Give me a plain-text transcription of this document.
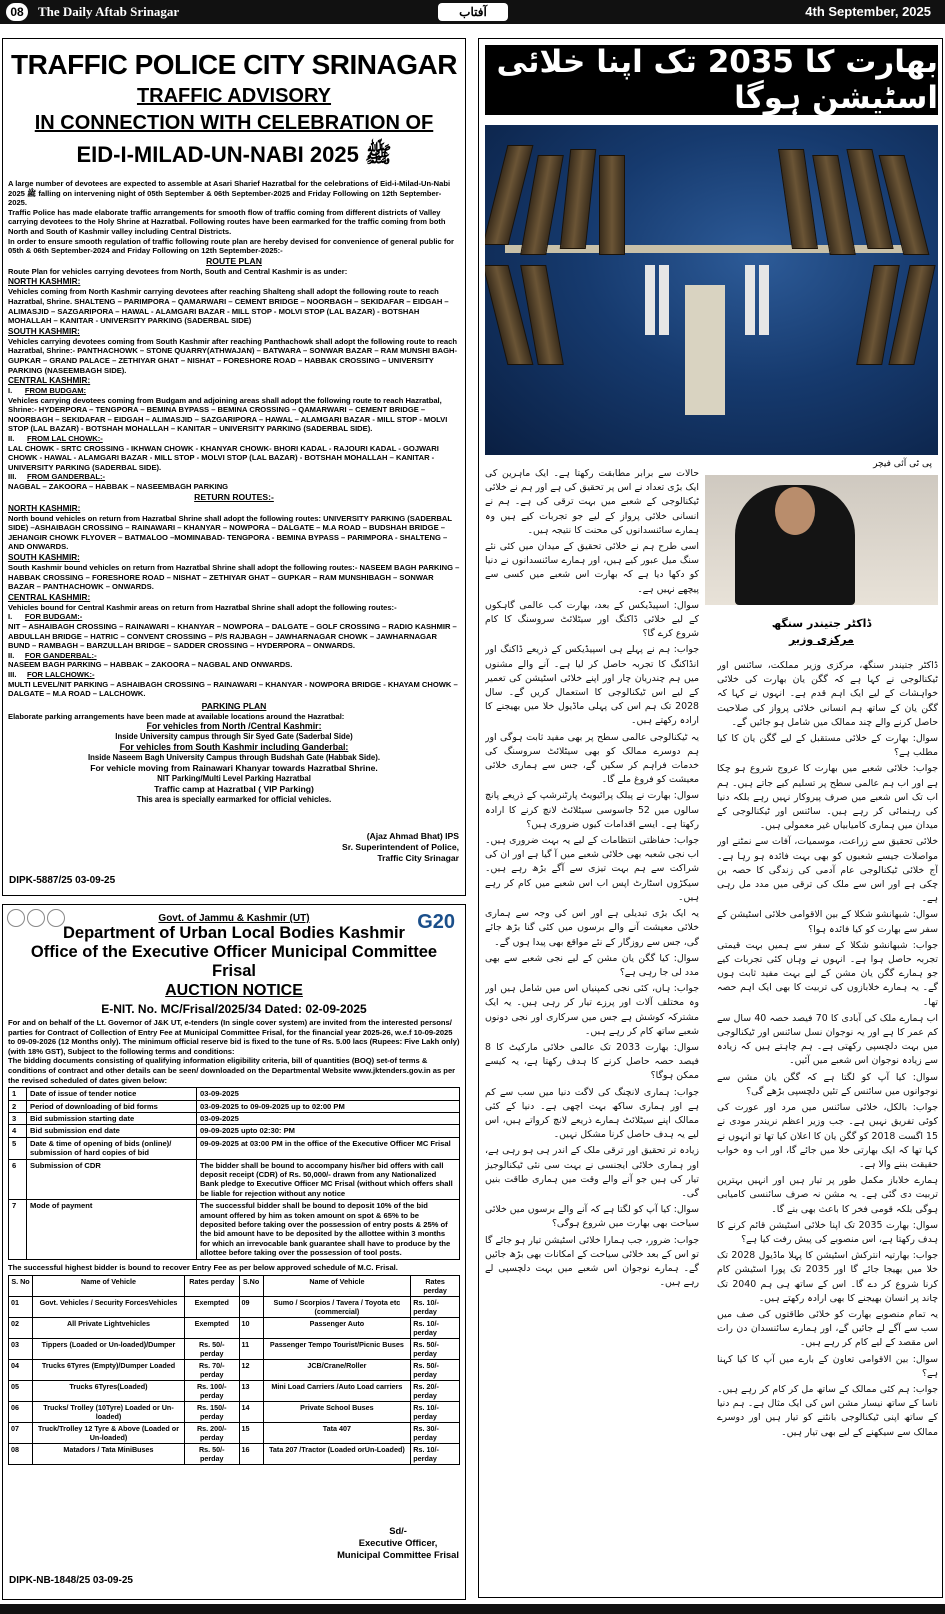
08	The Daily Aftab Srinagar	آفتاب	4th September, 2025
TRAFFIC POLICE CITY SRINAGAR
TRAFFIC ADVISORY
IN CONNECTION WITH CELEBRATION OF
EID-I-MILAD-UN-NABI ﷺ 2025
A large number of devotees are expected to assemble at Asari Sharief Hazratbal for the celebrations of Eid-i-Milad-Un-Nabi ﷺ 2025 falling on intervening night of 05th September & 06th September-2025 and Friday Following on 12th September-2025.
Traffic Police has made elaborate traffic arrangements for smooth flow of traffic coming from different districts of Valley carrying devotees to the Holy Shrine at Hazratbal. Following routes have been earmarked for the traffic coming from both North and South of Kashmir valley including Central Districts.
In order to ensure smooth regulation of traffic following route plan are hereby devised for convenience of general public for 05th & 06th September-2024 and Friday Following on 12th September-2025:-
ROUTE PLAN
Route Plan for vehicles carrying devotees from North, South and Central Kashmir is as under:
NORTH KASHMIR:
Vehicles coming from North Kashmir carrying devotees after reaching Shalteng shall adopt the following route to reach Hazratbal, Shrine. SHALTENG – PARIMPORA – QAMARWARI – CEMENT BRIDGE – NOORBAGH – SEKIDAFAR – EIDGAH – ALIMASJID – SAZGARIPORA – HAWAL - ALAMGARI BAZAR - MILL STOP - MOLVI STOP (LAL BAZAR) - BOTSHAH MOHALLAH – KANITAR - UNIVERSITY PARKING (SADERBAL SIDE)
SOUTH KASHMIR:
Vehicles carrying devotees coming from South Kashmir after reaching Panthachowk shall adopt the following route to reach Hazratbal, Shrine:- PANTHACHOWK – STONE QUARRY(ATHWAJAN) – BATWARA – SONWAR BAZAR – RAM MUNSHI BAGH- GUPKAR – GRAND PALACE – ZETHIYAR GHAT – NISHAT – FORESHORE ROAD – HABBAK CROSSING – UNIVERSITY PARKING (NASEEMBAGH SIDE).
CENTRAL KASHMIR:
I. FROM BUDGAM:
Vehicles carrying devotees coming from Budgam and adjoining areas shall adopt the following route to reach Hazratbal, Shrine:- HYDERPORA – TENGPORA – BEMINA BYPASS – BEMINA CROSSING – QAMARWARI – CEMENT BRIDGE – NOORBAGH – SEKIDAFAR – EIDGAH – ALIMASJID – SAZGARIPORA – HAWAL – ALAMGARI BAZAR - MILL STOP - MOLVI STOP (LAL BAZAR) - BOTSHAH MOHALLAH – KANITAR – UNIVERSITY PARKING (SADERBAL SIDE).
II. FROM LAL CHOWK:-
LAL CHOWK - SRTC CROSSING - IKHWAN CHOWK - KHANYAR CHOWK- BHORI KADAL - RAJOURI KADAL - GOJWARI CHOWK - HAWAL - ALAMGARI BAZAR - MILL STOP - MOLVI STOP (LAL BAZAR) - BOTSHAH MOHALLAH – KANITAR - UNIVERSITY PARKING (SADERBAL SIDE).
III. FROM GANDERBAL:-
NAGBAL – ZAKOORA – HABBAK – NASEEMBAGH PARKING
RETURN ROUTES:-
NORTH KASHMIR:
North bound vehicles on return from Hazratbal Shrine shall adopt the following routes: UNIVERSITY PARKING (SADERBAL SIDE) –ASHAIBAGH CROSSING – RAINAWARI – KHANYAR – NOWPORA – DALGATE – M.A ROAD – BUDSHAH BRIDGE – JEHANGIR CHOWK FLYOVER – BATMALOO –MOMINABAD- TENGPORA - BEMINA BYPASS – PARIMPORA - SHALTENG – AND ONWARDS.
SOUTH KASHMIR:
South Kashmir bound vehicles on return from Hazratbal Shrine shall adopt the following routes:- NASEEM BAGH PARKING – HABBAK CROSSING – FORESHORE ROAD – NISHAT – ZETHIYAR GHAT – GUPKAR – RAM MUNSHIBAGH – SONWAR BAZAR – PANTHACHOWK – ONWARDS.
CENTRAL KASHMIR:
Vehicles bound for Central Kashmir areas on return from Hazratbal Shrine shall adopt the following routes:-
I. FOR BUDGAM:-
NIT – ASHAIBAGH CROSSING – RAINAWARI – KHANYAR – NOWPORA – DALGATE – GOLF CROSSING – RADIO KASHMIR – ABDULLAH BRIDGE – HATRIC – CONVENT CROSSING – P/S RAJBAGH – JAWHARNAGAR CHOWK – JAWHARNAGAR BUND – RAMBAGH – BARZULLAH BRIDGE – SADDER CROSSING – HYDERPORA – ONWARDS.
II. FOR GANDERBAL:-
NASEEM BAGH PARKING – HABBAK – ZAKOORA – NAGBAL AND ONWARDS.
III. FOR LALCHOWK:-
MULTI LEVEL/NIT PARKING – ASHAIBAGH CROSSING – RAINAWARI – KHANYAR - NOWPORA BRIDGE - KHAYAM CHOWK – DALGATE – M.A ROAD – LALCHOWK.
PARKING PLAN
Elaborate parking arrangements have been made at available locations around the Hazratbal:
For vehicles from North /Central Kashmir:
Inside University campus through Sir Syed Gate (Saderbal Side)
For vehicles from South Kashmir including Ganderbal:
Inside Naseem Bagh University Campus through Budshah Gate (Habbak Side).
For vehicle moving from Rainawari Khanyar towards Hazratbal Shrine.
NIT Parking/Multi Level Parking Hazratbal
Traffic camp at Hazratbal ( VIP Parking)
This area is specially earmarked for official vehicles.
(Ajaz Ahmad Bhat) IPS
Sr. Superintendent of Police,
Traffic City Srinagar
DIPK-5887/25 03-09-25
G20
Govt. of Jammu & Kashmir (UT)
Department of Urban Local Bodies Kashmir
Office of the Executive Officer Municipal Committee Frisal
AUCTION NOTICE
E-NIT. No. MC/Frisal/2025/34 Dated: 02-09-2025
For and on behalf of the Lt. Governor of J&K UT, e-tenders (In single cover system) are invited from the interested persons/ parties for Contract of Collection of Entry Fee at Municipal Committee Frisal, for the financial year 2025-26, w.e.f 10-09-2025 to 09-09-2026 (12 Months only). The minimum official reserve bid is fixed to the tune of Rs. 5.00 lacs (Rupees: Five Lakh only) (with 18% GST), Subject to the following terms and conditions:
The bidding documents consisting of qualifying information eligibility criteria, bill of quantities (BOQ) set-of terms & conditions of contract and other details can be seen/ downloaded on the Departmental Website www.jktenders.gov.in as per the revised scheduled of dates given below:
1	Date of issue of tender notice	03-09-2025
2	Period of downloading of bid forms	03-09-2025 to 09-09-2025 up to 02:00 PM
3	Bid submission starting date	03-09-2025
4	Bid submission end date	09-09-2025 upto 02:30: PM
5	Date & time of opening of bids (online)/ submission of hard copies of bid	09-09-2025 at 03:00 PM in the office of the Executive Officer MC Frisal
6	Submission of CDR	The bidder shall be bound to accompany his/her bid offers with call deposit receipt (CDR) of Rs. 50,000/- drawn from any Nationalized Bank pledge to Executive Officer MC Frisal (without which offers shall be liable for rejection without any notice
7	Mode of payment	The successful bidder shall be bound to deposit 10% of the bid amount offered by him as token amount on spot & 65% to be deposited before taking over the possession of entry posts & 25% of the bid amount have to be deposited by the allottee within 3 months for which an irrevocable bank guarantee shall have to produce by the allottee before taking over the possession of tool posts.
The successful highest bidder is bound to recover Entry Fee as per below approved schedule of M.C. Frisal.
S. No	Name of Vehicle	Rates perday	S.No	Name of Vehicle	Rates perday
01	Govt. Vehicles / Security ForcesVehicles	Exempted	09	Sumo / Scorpios / Tavera / Toyota etc (commercial)	Rs. 10/- perday
02	All Private Lightvehicles	Exempted	10	Passenger Auto	Rs. 10/- perday
03	Tippers (Loaded or Un-loaded)/Dumper	Rs. 50/- perday	11	Passenger Tempo Tourist/Picnic Buses	Rs. 50/- perday
04	Trucks 6Tyres (Empty)/Dumper Loaded	Rs. 70/- perday	12	JCB/Crane/Roller	Rs. 50/- perday
05	Trucks 6Tyres(Loaded)	Rs. 100/- perday	13	Mini Load Carriers /Auto Load carriers	Rs. 20/- perday
06	Trucks/ Trolley (10Tyre) Loaded or Un-loaded)	Rs. 150/- perday	14	Private School Buses	Rs. 10/- perday
07	Truck/Trolley 12 Tyre & Above (Loaded or Un-loaded)	Rs. 200/- perday	15	Tata 407	Rs. 30/- perday
08	Matadors / Tata MiniBuses	Rs. 50/- perday	16	Tata 207 /Tractor (Loaded orUn-Loaded)	Rs. 10/- perday
Sd/-
Executive Officer,
Municipal Committee Frisal
DIPK-NB-1848/25 03-09-25
بھارت کا 2035 تک اپنا خلائی اسٹیشن ہوگا
پی ٹی آئی فیچر
ڈاکٹر جتیندر سنگھ
مرکزی وزیر

ڈاکٹر جتیندر سنگھ، مرکزی وزیر مملکت، سائنس اور ٹیکنالوجی نے کہا ہے کہ گگن یان بھارت کی خلائی خواہشات کے لیے ایک اہم قدم ہے۔ انہوں نے کہا کہ گگن یان کے ساتھ ہم انسانی خلائی پرواز کی صلاحیت حاصل کرنے والے چند ممالک میں شامل ہو جائیں گے۔

سوال: بھارت کے خلائی مستقبل کے لیے گگن یان کا کیا مطلب ہے؟

جواب: خلائی شعبے میں بھارت کا عروج شروع ہو چکا ہے اور اب ہم عالمی سطح پر تسلیم کیے جاتے ہیں۔ ہم اب تک اس شعبے میں صرف پیروکار نہیں رہے بلکہ دنیا کی رہنمائی کر رہے ہیں۔ سائنس اور ٹیکنالوجی کے میدان میں ہماری کامیابیاں غیر معمولی ہیں۔

خلائی تحقیق سے زراعت، موسمیات، آفات سے نمٹنے اور مواصلات جیسے شعبوں کو بھی بہت فائدہ ہو رہا ہے۔ آج خلائی ٹیکنالوجی عام آدمی کی زندگی کا حصہ بن چکی ہے اور اس سے ملک کی ترقی میں مدد مل رہی ہے۔

سوال: شبھانشو شکلا کے بین الاقوامی خلائی اسٹیشن کے سفر سے بھارت کو کیا فائدہ ہوا؟

جواب: شبھانشو شکلا کے سفر سے ہمیں بہت قیمتی تجربہ حاصل ہوا ہے۔ انہوں نے وہاں کئی تجربات کیے جو ہمارے گگن یان مشن کے لیے بہت مفید ثابت ہوں گے۔ یہ ہمارے خلابازوں کی تربیت کا بھی ایک اہم حصہ تھا۔

اب ہمارے ملک کی آبادی کا 70 فیصد حصہ 40 سال سے کم عمر کا ہے اور یہ نوجوان نسل سائنس اور ٹیکنالوجی میں بہت دلچسپی رکھتی ہے۔ ہم چاہتے ہیں کہ زیادہ سے زیادہ نوجوان اس شعبے میں آئیں۔

سوال: کیا آپ کو لگتا ہے کہ گگن یان مشن سے نوجوانوں میں سائنس کے تئیں دلچسپی بڑھے گی؟

جواب: بالکل، خلائی سائنس میں مرد اور عورت کی کوئی تفریق نہیں ہے۔ جب وزیر اعظم نریندر مودی نے 15 اگست 2018 کو گگن یان کا اعلان کیا تھا تو انہوں نے کہا تھا کہ ایک بھارتی خلا میں جائے گا، اور اب وہ خواب حقیقت بننے والا ہے۔

ہمارے خلاباز مکمل طور پر تیار ہیں اور انہیں بہترین تربیت دی گئی ہے۔ یہ مشن نہ صرف سائنسی کامیابی ہوگی بلکہ قومی فخر کا باعث بھی بنے گا۔

سوال: بھارت 2035 تک اپنا خلائی اسٹیشن قائم کرنے کا ہدف رکھتا ہے، اس منصوبے کی پیش رفت کیا ہے؟

جواب: بھارتیہ انترکش اسٹیشن کا پہلا ماڈیول 2028 تک خلا میں بھیجا جائے گا اور 2035 تک پورا اسٹیشن کام کرنا شروع کر دے گا۔ اس کے ساتھ ہی ہم 2040 تک چاند پر انسان بھیجنے کا بھی ارادہ رکھتے ہیں۔

یہ تمام منصوبے بھارت کو خلائی طاقتوں کی صف میں سب سے آگے لے جائیں گے، اور ہمارے سائنسدان دن رات اس مقصد کے لیے کام کر رہے ہیں۔

سوال: بین الاقوامی تعاون کے بارے میں آپ کا کیا کہنا ہے؟

جواب: ہم کئی ممالک کے ساتھ مل کر کام کر رہے ہیں۔ ناسا کے ساتھ نیسار مشن اس کی ایک مثال ہے۔ ہم دنیا کے ساتھ اپنی ٹیکنالوجی بانٹنے کو تیار ہیں اور دوسرے ممالک سے سیکھنے کے لیے بھی تیار ہیں۔

حالات سے برابر مطابقت رکھتا ہے۔ ایک ماہرین کی ایک بڑی تعداد نے اس پر تحقیق کی ہے اور ہم نے خلائی ٹیکنالوجی کے شعبے میں بہت ترقی کی ہے۔ ہم نے انسانی خلائی پرواز کے لیے جو تجربات کیے ہیں وہ ہمارے سائنسدانوں کی محنت کا نتیجہ ہیں۔

اسی طرح ہم نے خلائی تحقیق کے میدان میں کئی نئے سنگ میل عبور کیے ہیں، اور ہمارے سائنسدانوں نے دنیا کو دکھا دیا ہے کہ بھارت اس شعبے میں کسی سے پیچھے نہیں ہے۔

سوال: اسپیڈیکس کے بعد، بھارت کب عالمی گاہکوں کے لیے خلائی ڈاکنگ اور سیٹلائٹ سروسنگ کا کام شروع کرے گا؟

جواب: ہم نے پہلے ہی اسپیڈیکس کے ذریعے ڈاکنگ اور انڈاکنگ کا تجربہ حاصل کر لیا ہے۔ آنے والے مشنوں میں ہم چندریان چار اور اپنے خلائی اسٹیشن کی تعمیر کے لیے اس ٹیکنالوجی کا استعمال کریں گے۔ سال 2028 تک ہم اس کی پہلی ماڈیول خلا میں بھیجنے کا ارادہ رکھتے ہیں۔

یہ ٹیکنالوجی عالمی سطح پر بھی مفید ثابت ہوگی اور ہم دوسرے ممالک کو بھی سیٹلائٹ سروسنگ کی خدمات فراہم کر سکیں گے، جس سے ہماری خلائی معیشت کو فروغ ملے گا۔

سوال: بھارت نے پبلک پرائیویٹ پارٹنرشپ کے ذریعے پانچ سالوں میں 52 جاسوسی سیٹلائٹ لانچ کرنے کا ارادہ رکھتا ہے۔ ایسے اقدامات کیوں ضروری ہیں؟

جواب: حفاظتی انتظامات کے لیے یہ بہت ضروری ہیں۔ اب نجی شعبہ بھی خلائی شعبے میں آ گیا ہے اور ان کی شراکت سے ہم بہت تیزی سے آگے بڑھ رہے ہیں۔ سیکڑوں اسٹارٹ اپس اب اس شعبے میں کام کر رہے ہیں۔

یہ ایک بڑی تبدیلی ہے اور اس کی وجہ سے ہماری خلائی معیشت آنے والے برسوں میں کئی گنا بڑھ جائے گی، جس سے روزگار کے نئے مواقع بھی پیدا ہوں گے۔

سوال: کیا گگن یان مشن کے لیے نجی شعبے سے بھی مدد لی جا رہی ہے؟

جواب: ہاں، کئی نجی کمپنیاں اس میں شامل ہیں اور وہ مختلف آلات اور پرزے تیار کر رہی ہیں۔ یہ ایک مشترکہ کوشش ہے جس میں سرکاری اور نجی دونوں شعبے ساتھ کام کر رہے ہیں۔

سوال: بھارت 2033 تک عالمی خلائی مارکیٹ کا 8 فیصد حصہ حاصل کرنے کا ہدف رکھتا ہے، یہ کیسے ممکن ہوگا؟

جواب: ہماری لانچنگ کی لاگت دنیا میں سب سے کم ہے اور ہماری ساکھ بہت اچھی ہے۔ دنیا کے کئی ممالک اپنے سیٹلائٹ ہمارے ذریعے لانچ کرواتے ہیں، اس لیے یہ ہدف حاصل کرنا مشکل نہیں۔

زیادہ تر تحقیق اور ترقی ملک کے اندر ہی ہو رہی ہے، اور ہماری خلائی ایجنسی نے بہت سی نئی ٹیکنالوجیز تیار کی ہیں جو آنے والے وقت میں ہماری طاقت بنیں گی۔

سوال: کیا آپ کو لگتا ہے کہ آنے والے برسوں میں خلائی سیاحت بھی بھارت میں شروع ہوگی؟

جواب: ضرور، جب ہمارا خلائی اسٹیشن تیار ہو جائے گا تو اس کے بعد خلائی سیاحت کے امکانات بھی بڑھ جائیں گے۔ ہمارے نوجوان اس شعبے میں بہت دلچسپی لے رہے ہیں۔
